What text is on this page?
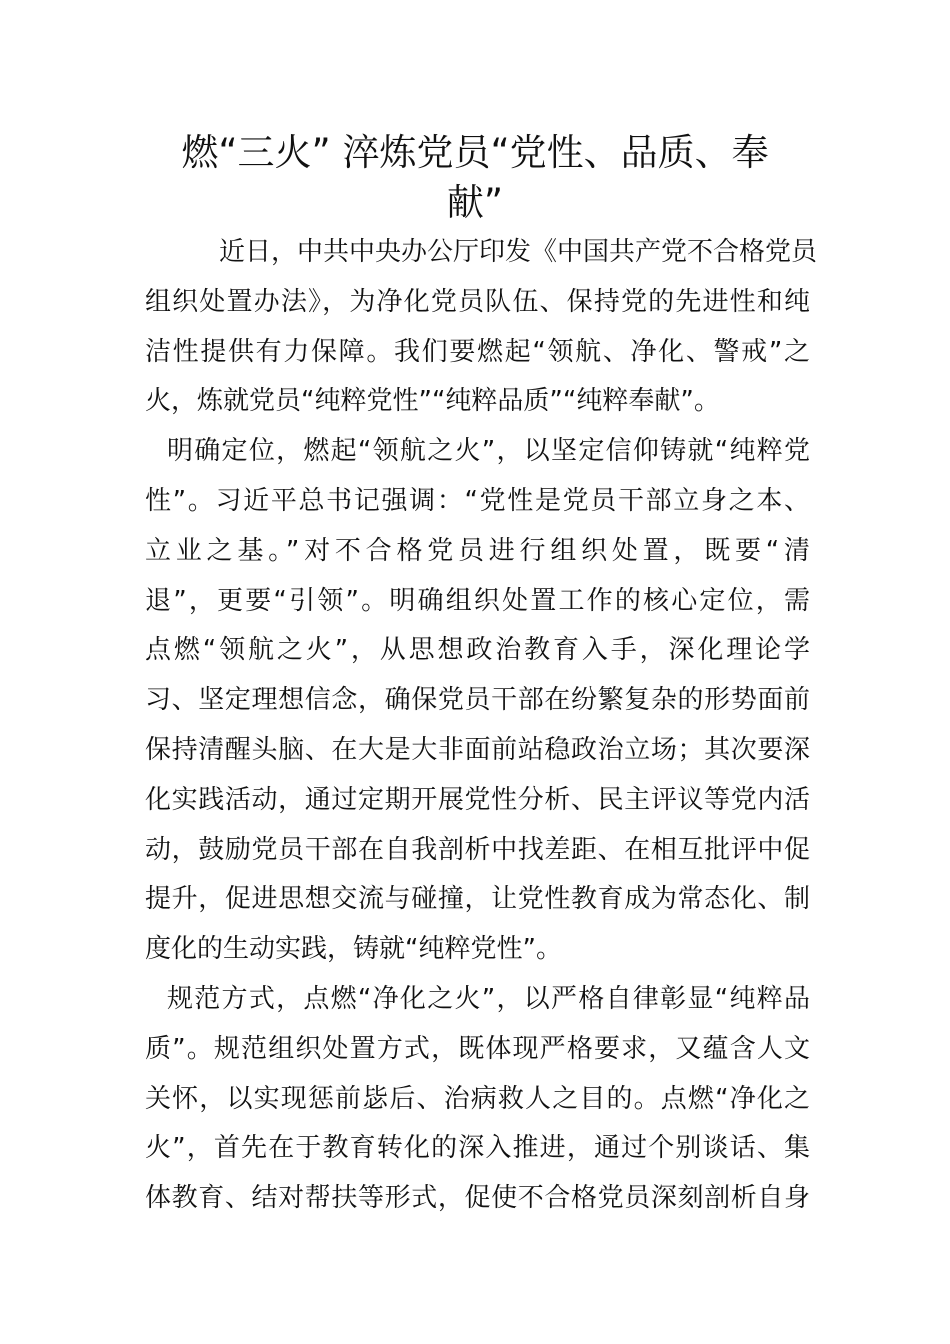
燃“三火” 淬炼党员“党性、品质、奉
献”
近日，中共中央办公厅印发《中国共产党不合格党员
组织处置办法》，为净化党员队伍、保持党的先进性和纯
洁性提供有力保障。我们要燃起“领航、净化、警戒”之
火，炼就党员“纯粹党性”“纯粹品质”“纯粹奉献”。
明确定位，燃起“领航之火”，以坚定信仰铸就“纯粹党
性”。习近平总书记强调：“党性是党员干部立身之本、
立业之基。”对不合格党员进行组织处置，既要“清
退”，更要“引领”。明确组织处置工作的核心定位，需
点燃“领航之火”，从思想政治教育入手，深化理论学
习、坚定理想信念，确保党员干部在纷繁复杂的形势面前
保持清醒头脑、在大是大非面前站稳政治立场；其次要深
化实践活动，通过定期开展党性分析、民主评议等党内活
动，鼓励党员干部在自我剖析中找差距、在相互批评中促
提升，促进思想交流与碰撞，让党性教育成为常态化、制
度化的生动实践，铸就“纯粹党性”。
规范方式，点燃“净化之火”，以严格自律彰显“纯粹品
质”。规范组织处置方式，既体现严格要求，又蕴含人文
关怀，以实现惩前毖后、治病救人之目的。点燃“净化之
火”，首先在于教育转化的深入推进，通过个别谈话、集
体教育、结对帮扶等形式，促使不合格党员深刻剖析自身
